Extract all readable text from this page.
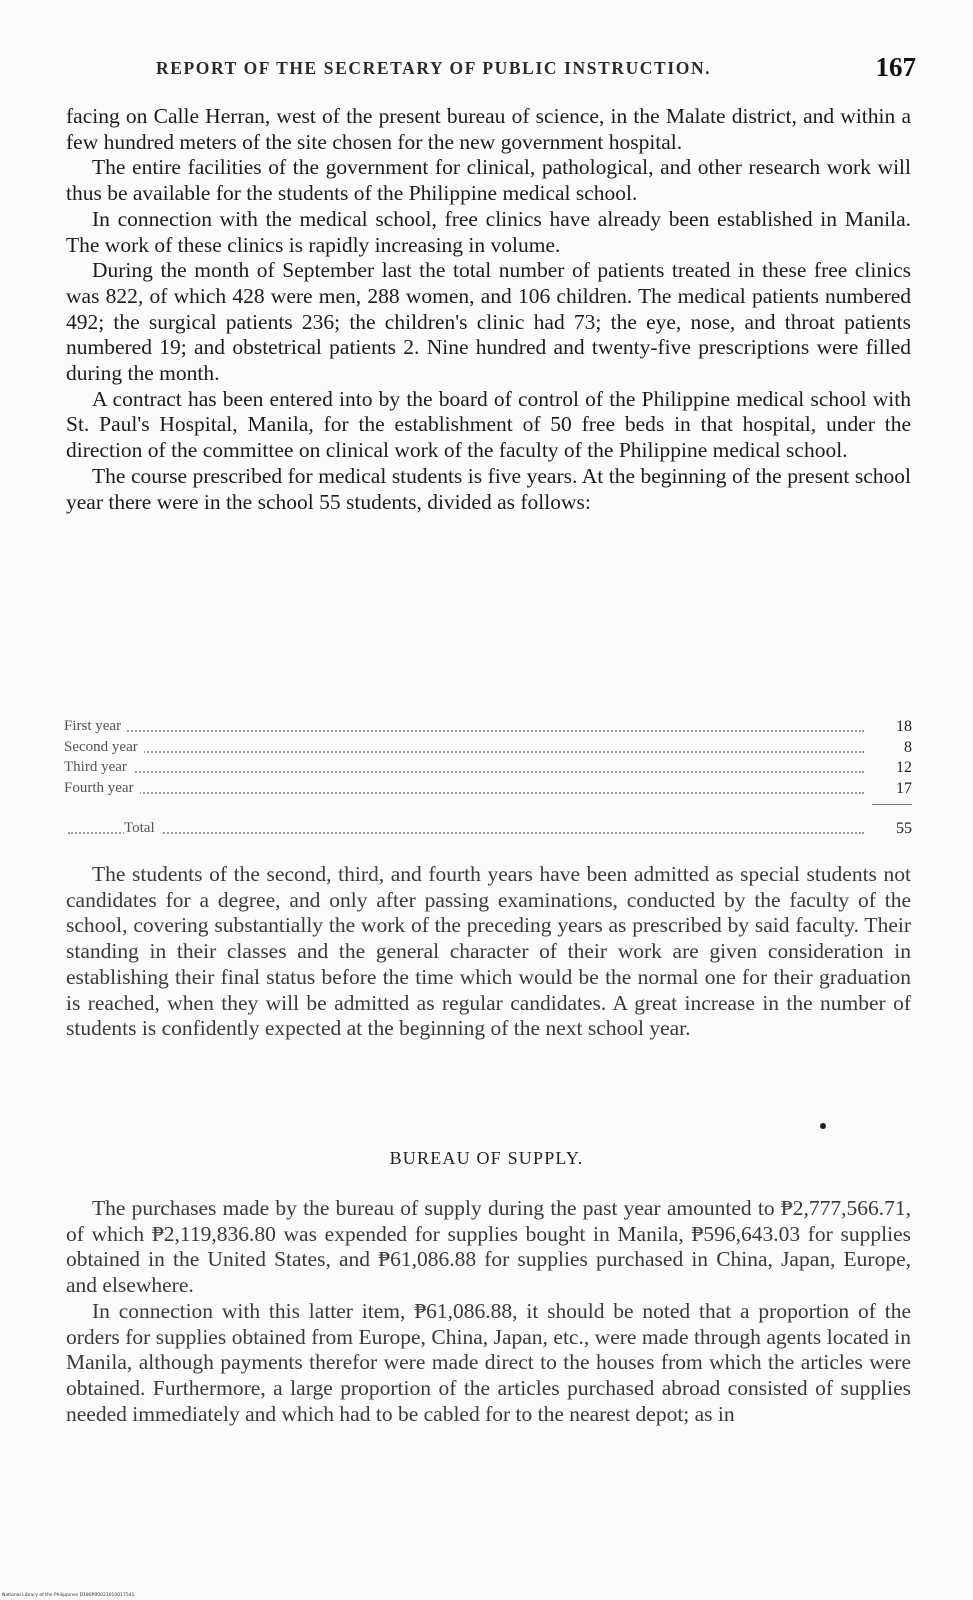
REPORT OF THE SECRETARY OF PUBLIC INSTRUCTION.	167

facing on Calle Herran, west of the present bureau of science, in the Malate district, and within a few hundred meters of the site chosen for the new government hospital.

The entire facilities of the government for clinical, pathological, and other research work will thus be available for the students of the Philippine medical school.

In connection with the medical school, free clinics have already been established in Manila. The work of these clinics is rapidly increasing in volume.

During the month of September last the total number of patients treated in these free clinics was 822, of which 428 were men, 288 women, and 106 children. The medical patients numbered 492; the surgical patients 236; the children's clinic had 73; the eye, nose, and throat patients numbered 19; and obstetrical patients 2. Nine hundred and twenty-five prescriptions were filled during the month.

A contract has been entered into by the board of control of the Philippine medical school with St. Paul's Hospital, Manila, for the establishment of 50 free beds in that hospital, under the direction of the committee on clinical work of the faculty of the Philippine medical school.

The course prescribed for medical students is five years. At the beginning of the present school year there were in the school 55 students, divided as follows:

First year	18
Second year	8
Third year	12
Fourth year	17
Total	55

The students of the second, third, and fourth years have been admitted as special students not candidates for a degree, and only after passing examinations, conducted by the faculty of the school, covering substantially the work of the preceding years as prescribed by said faculty. Their standing in their classes and the general character of their work are given consideration in establishing their final status before the time which would be the normal one for their graduation is reached, when they will be admitted as regular candidates. A great increase in the number of students is confidently expected at the beginning of the next school year.

BUREAU OF SUPPLY.

The purchases made by the bureau of supply during the past year amounted to ₱2,777,566.71, of which ₱2,119,836.80 was expended for supplies bought in Manila, ₱596,643.03 for supplies obtained in the United States, and ₱61,086.88 for supplies purchased in China, Japan, Europe, and elsewhere.

In connection with this latter item, ₱61,086.88, it should be noted that a proportion of the orders for supplies obtained from Europe, China, Japan, etc., were made through agents located in Manila, although payments therefor were made direct to the houses from which the articles were obtained. Furthermore, a large proportion of the articles purchased abroad consisted of supplies needed immediately and which had to be cabled for to the nearest depot; as in

National Library of the Philippines D180P00021010017541
